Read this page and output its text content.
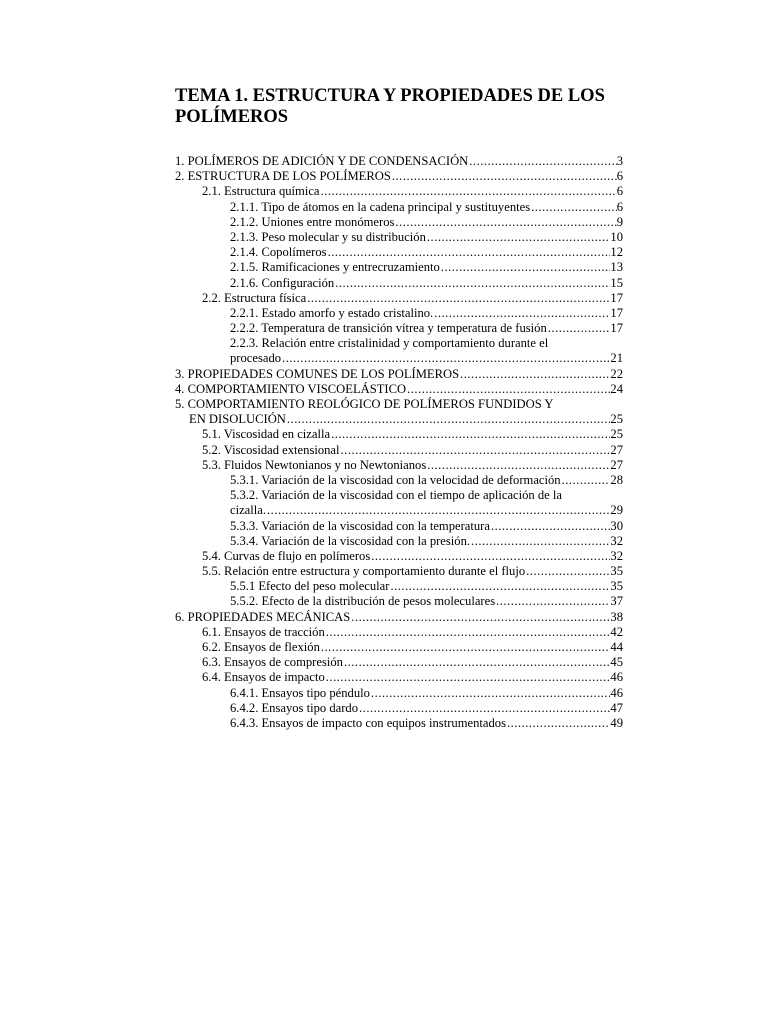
TEMA 1. ESTRUCTURA Y PROPIEDADES DE LOS POLÍMEROS
1. POLÍMEROS DE ADICIÓN Y DE CONDENSACIÓN .....	3
2. ESTRUCTURA DE LOS POLÍMEROS .....	6
2.1. Estructura química .....	6
2.1.1. Tipo de átomos en la cadena principal y sustituyentes .....	6
2.1.2. Uniones entre monómeros .....	9
2.1.3. Peso molecular y su distribución .....	10
2.1.4. Copolímeros .....	12
2.1.5. Ramificaciones y entrecruzamiento .....	13
2.1.6. Configuración .....	15
2.2. Estructura física .....	17
2.2.1. Estado amorfo y estado cristalino. .....	17
2.2.2. Temperatura de transición vítrea y temperatura de fusión .....	17
2.2.3. Relación entre cristalinidad y comportamiento durante el
procesado .....	21
3. PROPIEDADES COMUNES DE LOS POLÍMEROS .....	22
4. COMPORTAMIENTO VISCOELÁSTICO .....	24
5. COMPORTAMIENTO REOLÓGICO DE POLÍMEROS FUNDIDOS Y
EN DISOLUCIÓN .....	25
5.1. Viscosidad en cizalla .....	25
5.2. Viscosidad extensional .....	27
5.3. Fluidos Newtonianos y no Newtonianos .....	27
5.3.1. Variación de la viscosidad con la velocidad de deformación .....	28
5.3.2. Variación de la viscosidad con el tiempo de aplicación de la
cizalla. .....	29
5.3.3. Variación de la viscosidad con la temperatura .....	30
5.3.4. Variación de la viscosidad con la presión. .....	32
5.4. Curvas de flujo en polímeros .....	32
5.5. Relación entre estructura y comportamiento durante el flujo .....	35
5.5.1 Efecto del peso molecular .....	35
5.5.2. Efecto de la distribución de pesos moleculares .....	37
6. PROPIEDADES MECÁNICAS .....	38
6.1. Ensayos de tracción .....	42
6.2. Ensayos de flexión .....	44
6.3. Ensayos de compresión .....	45
6.4. Ensayos de impacto .....	46
6.4.1. Ensayos tipo péndulo .....	46
6.4.2. Ensayos tipo dardo .....	47
6.4.3. Ensayos de impacto con equipos instrumentados .....	49
